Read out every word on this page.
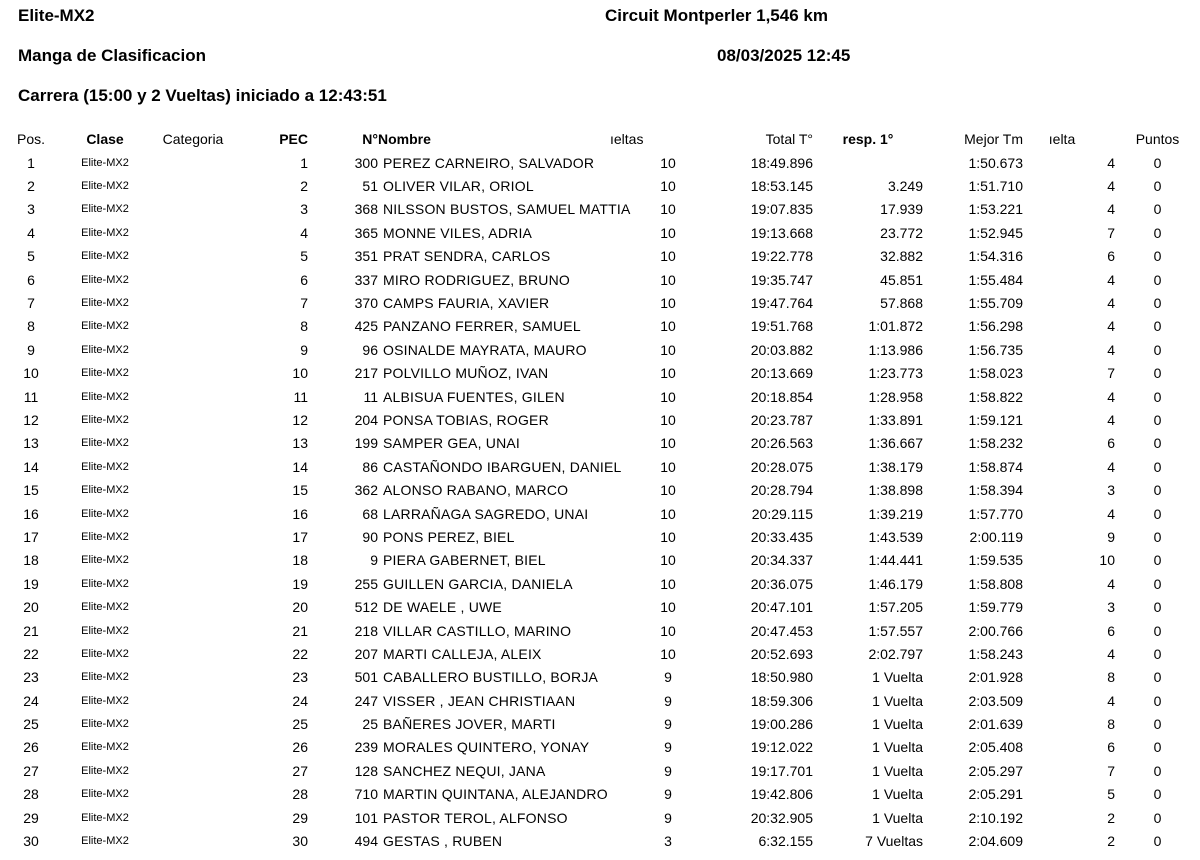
Elite-MX2	Circuit Montperler 1,546 km
Manga de Clasificacion	08/03/2025 12:45
Carrera (15:00 y 2 Vueltas) iniciado a 12:43:51
Pos.	Clase	Categoria	PEC	N°	Nombre	ıeltas	Total T°	resp. 1°	Mejor Tm	ıelta	Puntos
1	Elite-MX2		1	300	PEREZ CARNEIRO, SALVADOR	10	18:49.896		1:50.673	4	0
2	Elite-MX2		2	51	OLIVER VILAR, ORIOL	10	18:53.145	3.249	1:51.710	4	0
3	Elite-MX2		3	368	NILSSON BUSTOS, SAMUEL MATTIA	10	19:07.835	17.939	1:53.221	4	0
4	Elite-MX2		4	365	MONNE VILES, ADRIA	10	19:13.668	23.772	1:52.945	7	0
5	Elite-MX2		5	351	PRAT SENDRA, CARLOS	10	19:22.778	32.882	1:54.316	6	0
6	Elite-MX2		6	337	MIRO RODRIGUEZ, BRUNO	10	19:35.747	45.851	1:55.484	4	0
7	Elite-MX2		7	370	CAMPS FAURIA, XAVIER	10	19:47.764	57.868	1:55.709	4	0
8	Elite-MX2		8	425	PANZANO FERRER, SAMUEL	10	19:51.768	1:01.872	1:56.298	4	0
9	Elite-MX2		9	96	OSINALDE MAYRATA, MAURO	10	20:03.882	1:13.986	1:56.735	4	0
10	Elite-MX2		10	217	POLVILLO MUÑOZ, IVAN	10	20:13.669	1:23.773	1:58.023	7	0
11	Elite-MX2		11	11	ALBISUA FUENTES, GILEN	10	20:18.854	1:28.958	1:58.822	4	0
12	Elite-MX2		12	204	PONSA TOBIAS, ROGER	10	20:23.787	1:33.891	1:59.121	4	0
13	Elite-MX2		13	199	SAMPER GEA, UNAI	10	20:26.563	1:36.667	1:58.232	6	0
14	Elite-MX2		14	86	CASTAÑONDO IBARGUEN, DANIEL	10	20:28.075	1:38.179	1:58.874	4	0
15	Elite-MX2		15	362	ALONSO RABANO, MARCO	10	20:28.794	1:38.898	1:58.394	3	0
16	Elite-MX2		16	68	LARRAÑAGA SAGREDO, UNAI	10	20:29.115	1:39.219	1:57.770	4	0
17	Elite-MX2		17	90	PONS PEREZ, BIEL	10	20:33.435	1:43.539	2:00.119	9	0
18	Elite-MX2		18	9	PIERA GABERNET, BIEL	10	20:34.337	1:44.441	1:59.535	10	0
19	Elite-MX2		19	255	GUILLEN GARCIA, DANIELA	10	20:36.075	1:46.179	1:58.808	4	0
20	Elite-MX2		20	512	DE WAELE , UWE	10	20:47.101	1:57.205	1:59.779	3	0
21	Elite-MX2		21	218	VILLAR CASTILLO, MARINO	10	20:47.453	1:57.557	2:00.766	6	0
22	Elite-MX2		22	207	MARTI CALLEJA, ALEIX	10	20:52.693	2:02.797	1:58.243	4	0
23	Elite-MX2		23	501	CABALLERO BUSTILLO, BORJA	9	18:50.980	1 Vuelta	2:01.928	8	0
24	Elite-MX2		24	247	VISSER , JEAN CHRISTIAAN	9	18:59.306	1 Vuelta	2:03.509	4	0
25	Elite-MX2		25	25	BAÑERES JOVER, MARTI	9	19:00.286	1 Vuelta	2:01.639	8	0
26	Elite-MX2		26	239	MORALES QUINTERO, YONAY	9	19:12.022	1 Vuelta	2:05.408	6	0
27	Elite-MX2		27	128	SANCHEZ NEQUI, JANA	9	19:17.701	1 Vuelta	2:05.297	7	0
28	Elite-MX2		28	710	MARTIN QUINTANA, ALEJANDRO	9	19:42.806	1 Vuelta	2:05.291	5	0
29	Elite-MX2		29	101	PASTOR TEROL, ALFONSO	9	20:32.905	1 Vuelta	2:10.192	2	0
30	Elite-MX2		30	494	GESTAS , RUBEN	3	6:32.155	7 Vueltas	2:04.609	2	0
